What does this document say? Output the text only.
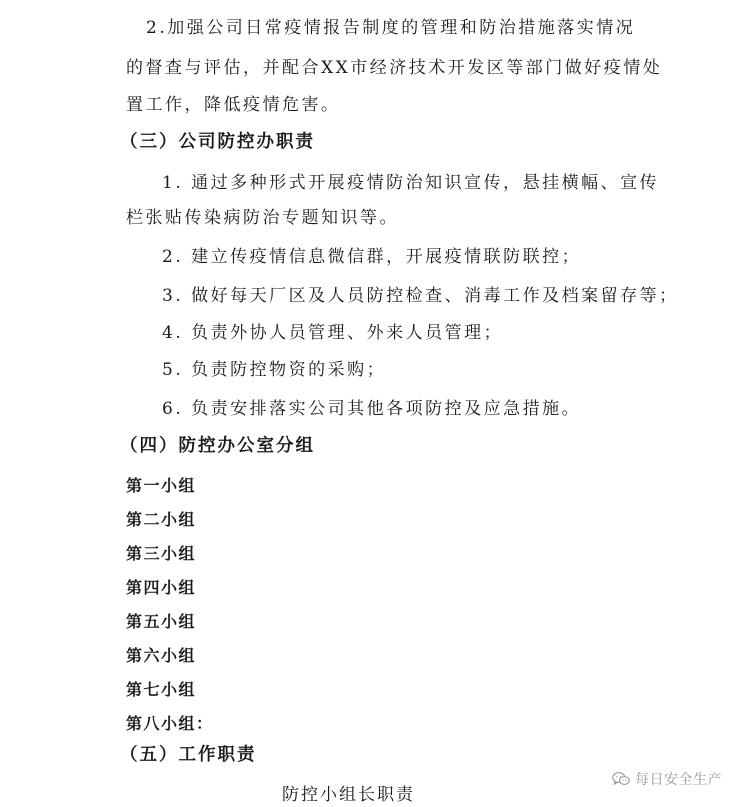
2.加强公司日常疫情报告制度的管理和防治措施落实情况
的督查与评估，并配合XX市经济技术开发区等部门做好疫情处
置工作，降低疫情危害。
（三）公司防控办职责
1. 通过多种形式开展疫情防治知识宣传，悬挂横幅、宣传
栏张贴传染病防治专题知识等。
2. 建立传疫情信息微信群，开展疫情联防联控；
3. 做好每天厂区及人员防控检查、消毒工作及档案留存等；
4. 负责外协人员管理、外来人员管理；
5. 负责防控物资的采购；
6. 负责安排落实公司其他各项防控及应急措施。
（四）防控办公室分组
第一小组
第二小组
第三小组
第四小组
第五小组
第六小组
第七小组
第八小组：
（五）工作职责
防控小组长职责
每日安全生产
